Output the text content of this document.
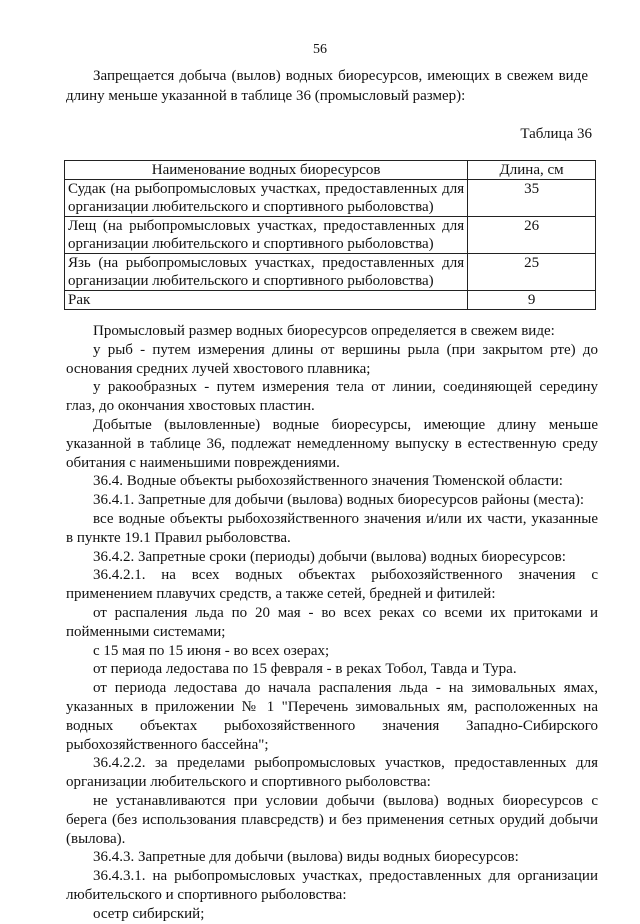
56
Запрещается добыча (вылов) водных биоресурсов, имеющих в свежем виде
длину меньше указанной в таблице 36 (промысловый размер):
Таблица 36
Наименование водных биоресурсов	Длина, см

Судак (на рыбопромысловых участках, предоставленных для
организации любительского и спортивного рыболовства)	35

Лещ (на рыбопромысловых участках, предоставленных для
организации любительского и спортивного рыболовства)	26

Язь (на рыбопромысловых участках, предоставленных для
организации любительского и спортивного рыболовства)	25
Рак	9

Промысловый размер водных биоресурсов определяется в свежем виде:

у рыб - путем измерения длины от вершины рыла (при закрытом рте) до основания средних лучей хвостового плавника;

у ракообразных - путем измерения тела от линии, соединяющей середину глаз, до окончания хвостовых пластин.

Добытые (выловленные) водные биоресурсы, имеющие длину меньше указанной в таблице 36, подлежат немедленному выпуску в естественную среду обитания с наименьшими повреждениями.

36.4. Водные объекты рыбохозяйственного значения Тюменской области:

36.4.1. Запретные для добычи (вылова) водных биоресурсов районы (места):

все водные объекты рыбохозяйственного значения и/или их части, указанные в пункте 19.1 Правил рыболовства.

36.4.2. Запретные сроки (периоды) добычи (вылова) водных биоресурсов:

36.4.2.1. на всех водных объектах рыбохозяйственного значения с применением плавучих средств, а также сетей, бредней и фитилей:

от распаления льда по 20 мая - во всех реках со всеми их притоками и пойменными системами;

с 15 мая по 15 июня - во всех озерах;

от периода ледостава по 15 февраля - в реках Тобол, Тавда и Тура.

от периода ледостава до начала распаления льда - на зимовальных ямах, указанных в приложении № 1 "Перечень зимовальных ям, расположенных на водных объектах рыбохозяйственного значения Западно-Сибирского рыбохозяйственного бассейна";

36.4.2.2. за пределами рыбопромысловых участков, предоставленных для организации любительского и спортивного рыболовства:

не устанавливаются при условии добычи (вылова) водных биоресурсов с берега (без использования плавсредств) и без применения сетных орудий добычи (вылова).

36.4.3. Запретные для добычи (вылова) виды водных биоресурсов:

36.4.3.1. на рыбопромысловых участках, предоставленных для организации любительского и спортивного рыболовства:

осетр сибирский;
